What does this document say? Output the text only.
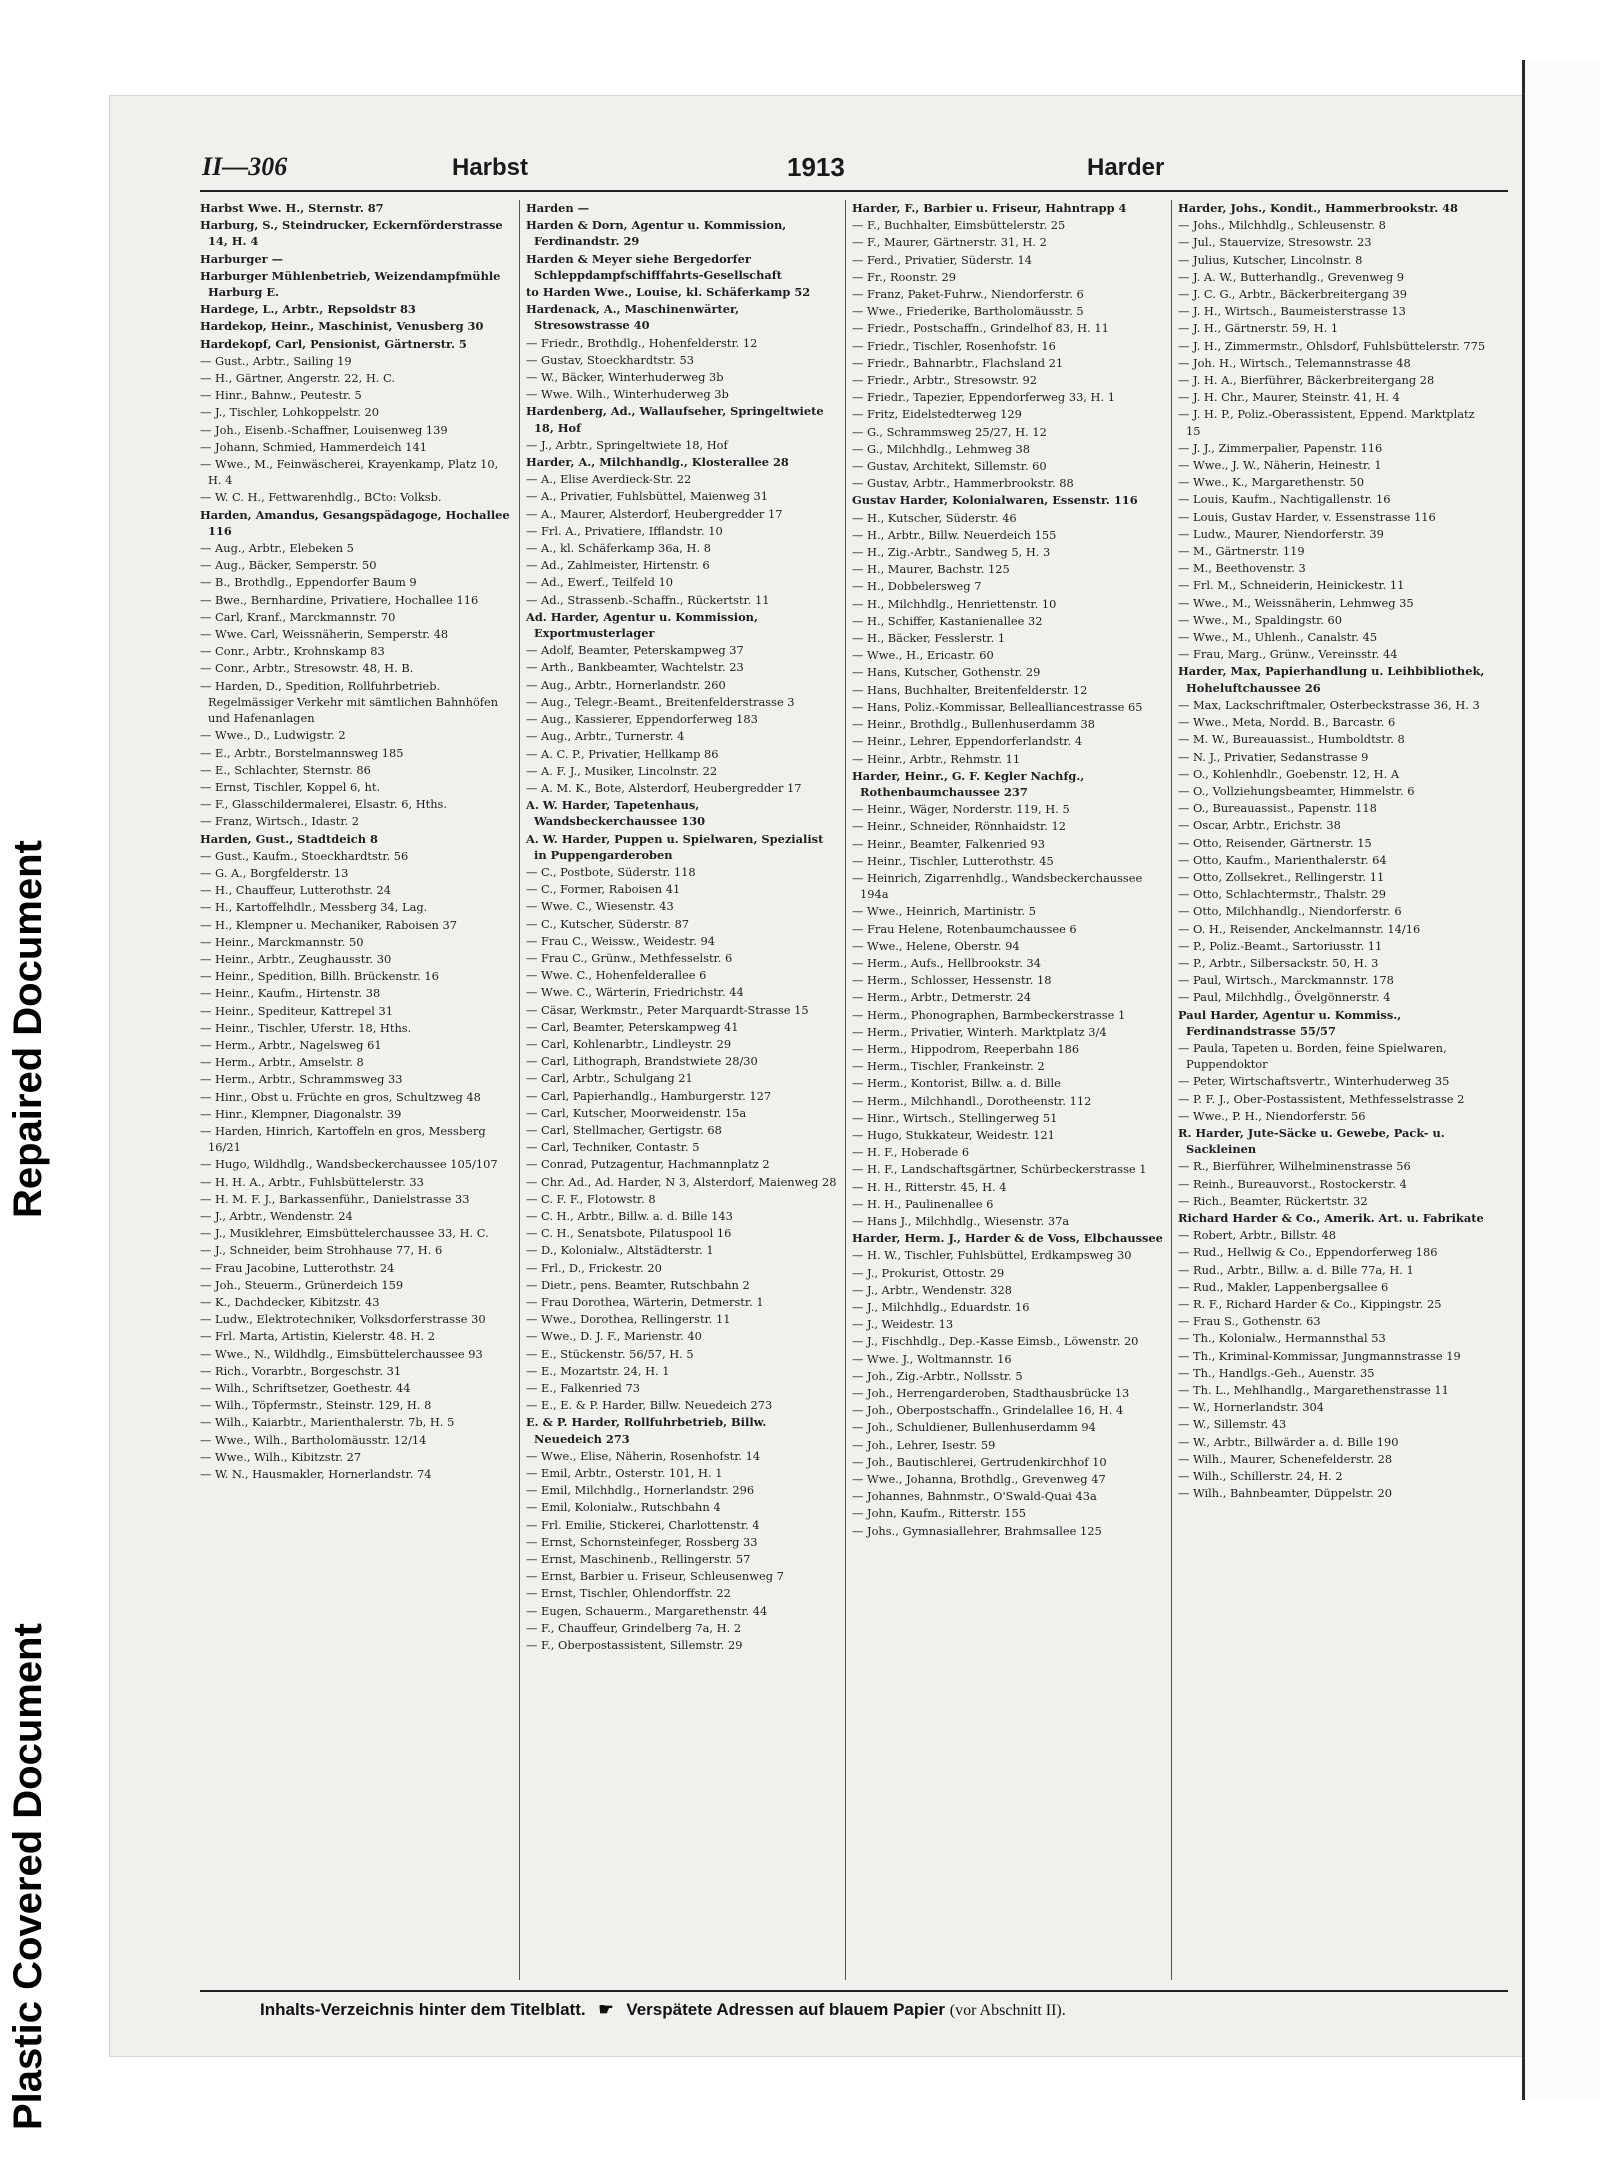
Repaired Document
Plastic Covered Document
II—306	Harbst	1913	Harder
Harbst Wwe. H., Sternstr. 87
Harburg, S., Steindrucker, Eckernförderstrasse 14, H. 4
Harburger —
Harburger Mühlenbetrieb, Weizendampfmühle Harburg E.
Hardege, L., Arbtr., Repsoldstr 83
Hardekop, Heinr., Maschinist, Venusberg 30
Hardekopf, Carl, Pensionist, Gärtnerstr. 5
— Gust., Arbtr., Sailing 19
— H., Gärtner, Angerstr. 22, H. C.
— Hinr., Bahnw., Peutestr. 5
— J., Tischler, Lohkoppelstr. 20
— Joh., Eisenb.-Schaffner, Louisenweg 139
— Johann, Schmied, Hammerdeich 141
— Wwe., M., Feinwäscherei, Krayenkamp, Platz 10, H. 4
— W. C. H., Fettwarenhdlg., BCto: Volksb.
Harden, Amandus, Gesangspädagoge, Hochallee 116
— Aug., Arbtr., Elebeken 5
— Aug., Bäcker, Semperstr. 50
— B., Brothdlg., Eppendorfer Baum 9
— Bwe., Bernhardine, Privatiere, Hochallee 116
— Carl, Kranf., Marckmannstr. 70
— Wwe. Carl, Weissnäherin, Semperstr. 48
— Conr., Arbtr., Krohnskamp 83
— Conr., Arbtr., Stresowstr. 48, H. B.
— Harden, D., Spedition, Rollfuhrbetrieb. Regelmässiger Verkehr mit sämtlichen Bahnhöfen und Hafenanlagen
— Wwe., D., Ludwigstr. 2
— E., Arbtr., Borstelmannsweg 185
— E., Schlachter, Sternstr. 86
— Ernst, Tischler, Koppel 6, ht.
— F., Glasschildermalerei, Elsastr. 6, Hths.
— Franz, Wirtsch., Idastr. 2
Harden, Gust., Stadtdeich 8
— Gust., Kaufm., Stoeckhardtstr. 56
— G. A., Borgfelderstr. 13
— H., Chauffeur, Lutterothstr. 24
— H., Kartoffelhdlr., Messberg 34, Lag.
— H., Klempner u. Mechaniker, Raboisen 37
— Heinr., Marckmannstr. 50
— Heinr., Arbtr., Zeughausstr. 30
— Heinr., Spedition, Billh. Brückenstr. 16
— Heinr., Kaufm., Hirtenstr. 38
— Heinr., Spediteur, Kattrepel 31
— Heinr., Tischler, Uferstr. 18, Hths.
— Herm., Arbtr., Nagelsweg 61
— Herm., Arbtr., Amselstr. 8
— Herm., Arbtr., Schrammsweg 33
— Hinr., Obst u. Früchte en gros, Schultzweg 48
— Hinr., Klempner, Diagonalstr. 39
— Harden, Hinrich, Kartoffeln en gros, Messberg 16/21
— Hugo, Wildhdlg., Wandsbeckerchaussee 105/107
— H. H. A., Arbtr., Fuhlsbüttelerstr. 33
— H. M. F. J., Barkassenführ., Danielstrasse 33
— J., Arbtr., Wendenstr. 24
— J., Musiklehrer, Eimsbüttelerchaussee 33, H. C.
— J., Schneider, beim Strohhause 77, H. 6
— Frau Jacobine, Lutterothstr. 24
— Joh., Steuerm., Grünerdeich 159
— K., Dachdecker, Kibitzstr. 43
— Ludw., Elektrotechniker, Volksdorferstrasse 30
— Frl. Marta, Artistin, Kielerstr. 48. H. 2
— Wwe., N., Wildhdlg., Eimsbüttelerchaussee 93
— Rich., Vorarbtr., Borgeschstr. 31
— Wilh., Schriftsetzer, Goethestr. 44
— Wilh., Töpfermstr., Steinstr. 129, H. 8
— Wilh., Kaiarbtr., Marienthalerstr. 7b, H. 5
— Wwe., Wilh., Bartholomäusstr. 12/14
— Wwe., Wilh., Kibitzstr. 27
— W. N., Hausmakler, Hornerlandstr. 74
Harden —
Harden & Dorn, Agentur u. Kommission, Ferdinandstr. 29
Harden & Meyer siehe Bergedorfer Schleppdampfschifffahrts-Gesellschaft
to Harden Wwe., Louise, kl. Schäferkamp 52
Hardenack, A., Maschinenwärter, Stresowstrasse 40
— Friedr., Brothdlg., Hohenfelderstr. 12
— Gustav, Stoeckhardtstr. 53
— W., Bäcker, Winterhuderweg 3b
— Wwe. Wilh., Winterhuderweg 3b
Hardenberg, Ad., Wallaufseher, Springeltwiete 18, Hof
— J., Arbtr., Springeltwiete 18, Hof
Harder, A., Milchhandlg., Klosterallee 28
— A., Elise Averdieck-Str. 22
— A., Privatier, Fuhlsbüttel, Maienweg 31
— A., Maurer, Alsterdorf, Heubergredder 17
— Frl. A., Privatiere, Ifflandstr. 10
— A., kl. Schäferkamp 36a, H. 8
— Ad., Zahlmeister, Hirtenstr. 6
— Ad., Ewerf., Teilfeld 10
— Ad., Strassenb.-Schaffn., Rückertstr. 11
Ad. Harder, Agentur u. Kommission, Exportmusterlager
— Adolf, Beamter, Peterskampweg 37
— Arth., Bankbeamter, Wachtelstr. 23
— Aug., Arbtr., Hornerlandstr. 260
— Aug., Telegr.-Beamt., Breitenfelderstrasse 3
— Aug., Kassierer, Eppendorferweg 183
— Aug., Arbtr., Turnerstr. 4
— A. C. P., Privatier, Hellkamp 86
— A. F. J., Musiker, Lincolnstr. 22
— A. M. K., Bote, Alsterdorf, Heubergredder 17
A. W. Harder, Tapetenhaus, Wandsbeckerchaussee 130
A. W. Harder, Puppen u. Spielwaren, Spezialist in Puppengarderoben
— C., Postbote, Süderstr. 118
— C., Former, Raboisen 41
— Wwe. C., Wiesenstr. 43
— C., Kutscher, Süderstr. 87
— Frau C., Weissw., Weidestr. 94
— Frau C., Grünw., Methfesselstr. 6
— Wwe. C., Hohenfelderallee 6
— Wwe. C., Wärterin, Friedrichstr. 44
— Cäsar, Werkmstr., Peter Marquardt-Strasse 15
— Carl, Beamter, Peterskampweg 41
— Carl, Kohlenarbtr., Lindleystr. 29
— Carl, Lithograph, Brandstwiete 28/30
— Carl, Arbtr., Schulgang 21
— Carl, Papierhandlg., Hamburgerstr. 127
— Carl, Kutscher, Moorweidenstr. 15a
— Carl, Stellmacher, Gertigstr. 68
— Carl, Techniker, Contastr. 5
— Conrad, Putzagentur, Hachmannplatz 2
— Chr. Ad., Ad. Harder, N 3, Alsterdorf, Maienweg 28
— C. F. F., Flotowstr. 8
— C. H., Arbtr., Billw. a. d. Bille 143
— C. H., Senatsbote, Pilatuspool 16
— D., Kolonialw., Altstädterstr. 1
— Frl., D., Frickestr. 20
— Dietr., pens. Beamter, Rutschbahn 2
— Frau Dorothea, Wärterin, Detmerstr. 1
— Wwe., Dorothea, Rellingerstr. 11
— Wwe., D. J. F., Marienstr. 40
— E., Stückenstr. 56/57, H. 5
— E., Mozartstr. 24, H. 1
— E., Falkenried 73
— E., E. & P. Harder, Billw. Neuedeich 273
E. & P. Harder, Rollfuhrbetrieb, Billw. Neuedeich 273
— Wwe., Elise, Näherin, Rosenhofstr. 14
— Emil, Arbtr., Osterstr. 101, H. 1
— Emil, Milchhdlg., Hornerlandstr. 296
— Emil, Kolonialw., Rutschbahn 4
— Frl. Emilie, Stickerei, Charlottenstr. 4
— Ernst, Schornsteinfeger, Rossberg 33
— Ernst, Maschinenb., Rellingerstr. 57
— Ernst, Barbier u. Friseur, Schleusenweg 7
— Ernst, Tischler, Ohlendorffstr. 22
— Eugen, Schauerm., Margarethenstr. 44
— F., Chauffeur, Grindelberg 7a, H. 2
— F., Oberpostassistent, Sillemstr. 29
Harder, F., Barbier u. Friseur, Hahntrapp 4
— F., Buchhalter, Eimsbüttelerstr. 25
— F., Maurer, Gärtnerstr. 31, H. 2
— Ferd., Privatier, Süderstr. 14
— Fr., Roonstr. 29
— Franz, Paket-Fuhrw., Niendorferstr. 6
— Wwe., Friederike, Bartholomäusstr. 5
— Friedr., Postschaffn., Grindelhof 83, H. 11
— Friedr., Tischler, Rosenhofstr. 16
— Friedr., Bahnarbtr., Flachsland 21
— Friedr., Arbtr., Stresowstr. 92
— Friedr., Tapezier, Eppendorferweg 33, H. 1
— Fritz, Eidelstedterweg 129
— G., Schrammsweg 25/27, H. 12
— G., Milchhdlg., Lehmweg 38
— Gustav, Architekt, Sillemstr. 60
— Gustav, Arbtr., Hammerbrookstr. 88
Gustav Harder, Kolonialwaren, Essenstr. 116
— H., Kutscher, Süderstr. 46
— H., Arbtr., Billw. Neuerdeich 155
— H., Zig.-Arbtr., Sandweg 5, H. 3
— H., Maurer, Bachstr. 125
— H., Dobbelersweg 7
— H., Milchhdlg., Henriettenstr. 10
— H., Schiffer, Kastanienallee 32
— H., Bäcker, Fesslerstr. 1
— Wwe., H., Ericastr. 60
— Hans, Kutscher, Gothenstr. 29
— Hans, Buchhalter, Breitenfelderstr. 12
— Hans, Poliz.-Kommissar, Bellealliancestrasse 65
— Heinr., Brothdlg., Bullenhuserdamm 38
— Heinr., Lehrer, Eppendorferlandstr. 4
— Heinr., Arbtr., Rehmstr. 11
Harder, Heinr., G. F. Kegler Nachfg., Rothenbaumchaussee 237
— Heinr., Wäger, Norderstr. 119, H. 5
— Heinr., Schneider, Rönnhaidstr. 12
— Heinr., Beamter, Falkenried 93
— Heinr., Tischler, Lutterothstr. 45
— Heinrich, Zigarrenhdlg., Wandsbeckerchaussee 194a
— Wwe., Heinrich, Martinistr. 5
— Frau Helene, Rotenbaumchaussee 6
— Wwe., Helene, Oberstr. 94
— Herm., Aufs., Hellbrookstr. 34
— Herm., Schlosser, Hessenstr. 18
— Herm., Arbtr., Detmerstr. 24
— Herm., Phonographen, Barmbeckerstrasse 1
— Herm., Privatier, Winterh. Marktplatz 3/4
— Herm., Hippodrom, Reeperbahn 186
— Herm., Tischler, Frankeinstr. 2
— Herm., Kontorist, Billw. a. d. Bille
— Herm., Milchhandl., Dorotheenstr. 112
— Hinr., Wirtsch., Stellingerweg 51
— Hugo, Stukkateur, Weidestr. 121
— H. F., Hoberade 6
— H. F., Landschaftsgärtner, Schürbeckerstrasse 1
— H. H., Ritterstr. 45, H. 4
— H. H., Paulinenallee 6
— Hans J., Milchhdlg., Wiesenstr. 37a
Harder, Herm. J., Harder & de Voss, Elbchaussee
— H. W., Tischler, Fuhlsbüttel, Erdkampsweg 30
— J., Prokurist, Ottostr. 29
— J., Arbtr., Wendenstr. 328
— J., Milchhdlg., Eduardstr. 16
— J., Weidestr. 13
— J., Fischhdlg., Dep.-Kasse Eimsb., Löwenstr. 20
— Wwe. J., Woltmannstr. 16
— Joh., Zig.-Arbtr., Nollsstr. 5
— Joh., Herrengarderoben, Stadthausbrücke 13
— Joh., Oberpostschaffn., Grindelallee 16, H. 4
— Joh., Schuldiener, Bullenhuserdamm 94
— Joh., Lehrer, Isestr. 59
— Joh., Bautischlerei, Gertrudenkirchhof 10
— Wwe., Johanna, Brothdlg., Grevenweg 47
— Johannes, Bahnmstr., O'Swald-Quai 43a
— John, Kaufm., Ritterstr. 155
— Johs., Gymnasiallehrer, Brahmsallee 125
Harder, Johs., Kondit., Hammerbrookstr. 48
— Johs., Milchhdlg., Schleusenstr. 8
— Jul., Stauervize, Stresowstr. 23
— Julius, Kutscher, Lincolnstr. 8
— J. A. W., Butterhandlg., Grevenweg 9
— J. C. G., Arbtr., Bäckerbreitergang 39
— J. H., Wirtsch., Baumeisterstrasse 13
— J. H., Gärtnerstr. 59, H. 1
— J. H., Zimmermstr., Ohlsdorf, Fuhlsbüttelerstr. 775
— Joh. H., Wirtsch., Telemannstrasse 48
— J. H. A., Bierführer, Bäckerbreitergang 28
— J. H. Chr., Maurer, Steinstr. 41, H. 4
— J. H. P., Poliz.-Oberassistent, Eppend. Marktplatz 15
— J. J., Zimmerpalier, Papenstr. 116
— Wwe., J. W., Näherin, Heinestr. 1
— Wwe., K., Margarethenstr. 50
— Louis, Kaufm., Nachtigallenstr. 16
— Louis, Gustav Harder, v. Essenstrasse 116
— Ludw., Maurer, Niendorferstr. 39
— M., Gärtnerstr. 119
— M., Beethovenstr. 3
— Frl. M., Schneiderin, Heinickestr. 11
— Wwe., M., Weissnäherin, Lehmweg 35
— Wwe., M., Spaldingstr. 60
— Wwe., M., Uhlenh., Canalstr. 45
— Frau, Marg., Grünw., Vereinsstr. 44
Harder, Max, Papierhandlung u. Leihbibliothek, Hoheluftchaussee 26
— Max, Lackschriftmaler, Osterbeckstrasse 36, H. 3
— Wwe., Meta, Nordd. B., Barcastr. 6
— M. W., Bureauassist., Humboldtstr. 8
— N. J., Privatier, Sedanstrasse 9
— O., Kohlenhdlr., Goebenstr. 12, H. A
— O., Vollziehungsbeamter, Himmelstr. 6
— O., Bureauassist., Papenstr. 118
— Oscar, Arbtr., Erichstr. 38
— Otto, Reisender, Gärtnerstr. 15
— Otto, Kaufm., Marienthalerstr. 64
— Otto, Zollsekret., Rellingerstr. 11
— Otto, Schlachtermstr., Thalstr. 29
— Otto, Milchhandlg., Niendorferstr. 6
— O. H., Reisender, Anckelmannstr. 14/16
— P., Poliz.-Beamt., Sartoriusstr. 11
— P., Arbtr., Silbersackstr. 50, H. 3
— Paul, Wirtsch., Marckmannstr. 178
— Paul, Milchhdlg., Övelgönnerstr. 4
Paul Harder, Agentur u. Kommiss., Ferdinandstrasse 55/57
— Paula, Tapeten u. Borden, feine Spielwaren, Puppendoktor
— Peter, Wirtschaftsvertr., Winterhuderweg 35
— P. F. J., Ober-Postassistent, Methfesselstrasse 2
— Wwe., P. H., Niendorferstr. 56
R. Harder, Jute-Säcke u. Gewebe, Pack- u. Sackleinen
— R., Bierführer, Wilhelminenstrasse 56
— Reinh., Bureauvorst., Rostockerstr. 4
— Rich., Beamter, Rückertstr. 32
Richard Harder & Co., Amerik. Art. u. Fabrikate
— Robert, Arbtr., Billstr. 48
— Rud., Hellwig & Co., Eppendorferweg 186
— Rud., Arbtr., Billw. a. d. Bille 77a, H. 1
— Rud., Makler, Lappenbergsallee 6
— R. F., Richard Harder & Co., Kippingstr. 25
— Frau S., Gothenstr. 63
— Th., Kolonialw., Hermannsthal 53
— Th., Kriminal-Kommissar, Jungmannstrasse 19
— Th., Handlgs.-Geh., Auenstr. 35
— Th. L., Mehlhandlg., Margarethenstrasse 11
— W., Hornerlandstr. 304
— W., Sillemstr. 43
— W., Arbtr., Billwärder a. d. Bille 190
— Wilh., Maurer, Schenefelderstr. 28
— Wilh., Schillerstr. 24, H. 2
— Wilh., Bahnbeamter, Düppelstr. 20
Inhalts-Verzeichnis hinter dem Titelblatt. ☛ Verspätete Adressen auf blauem Papier (vor Abschnitt II).
